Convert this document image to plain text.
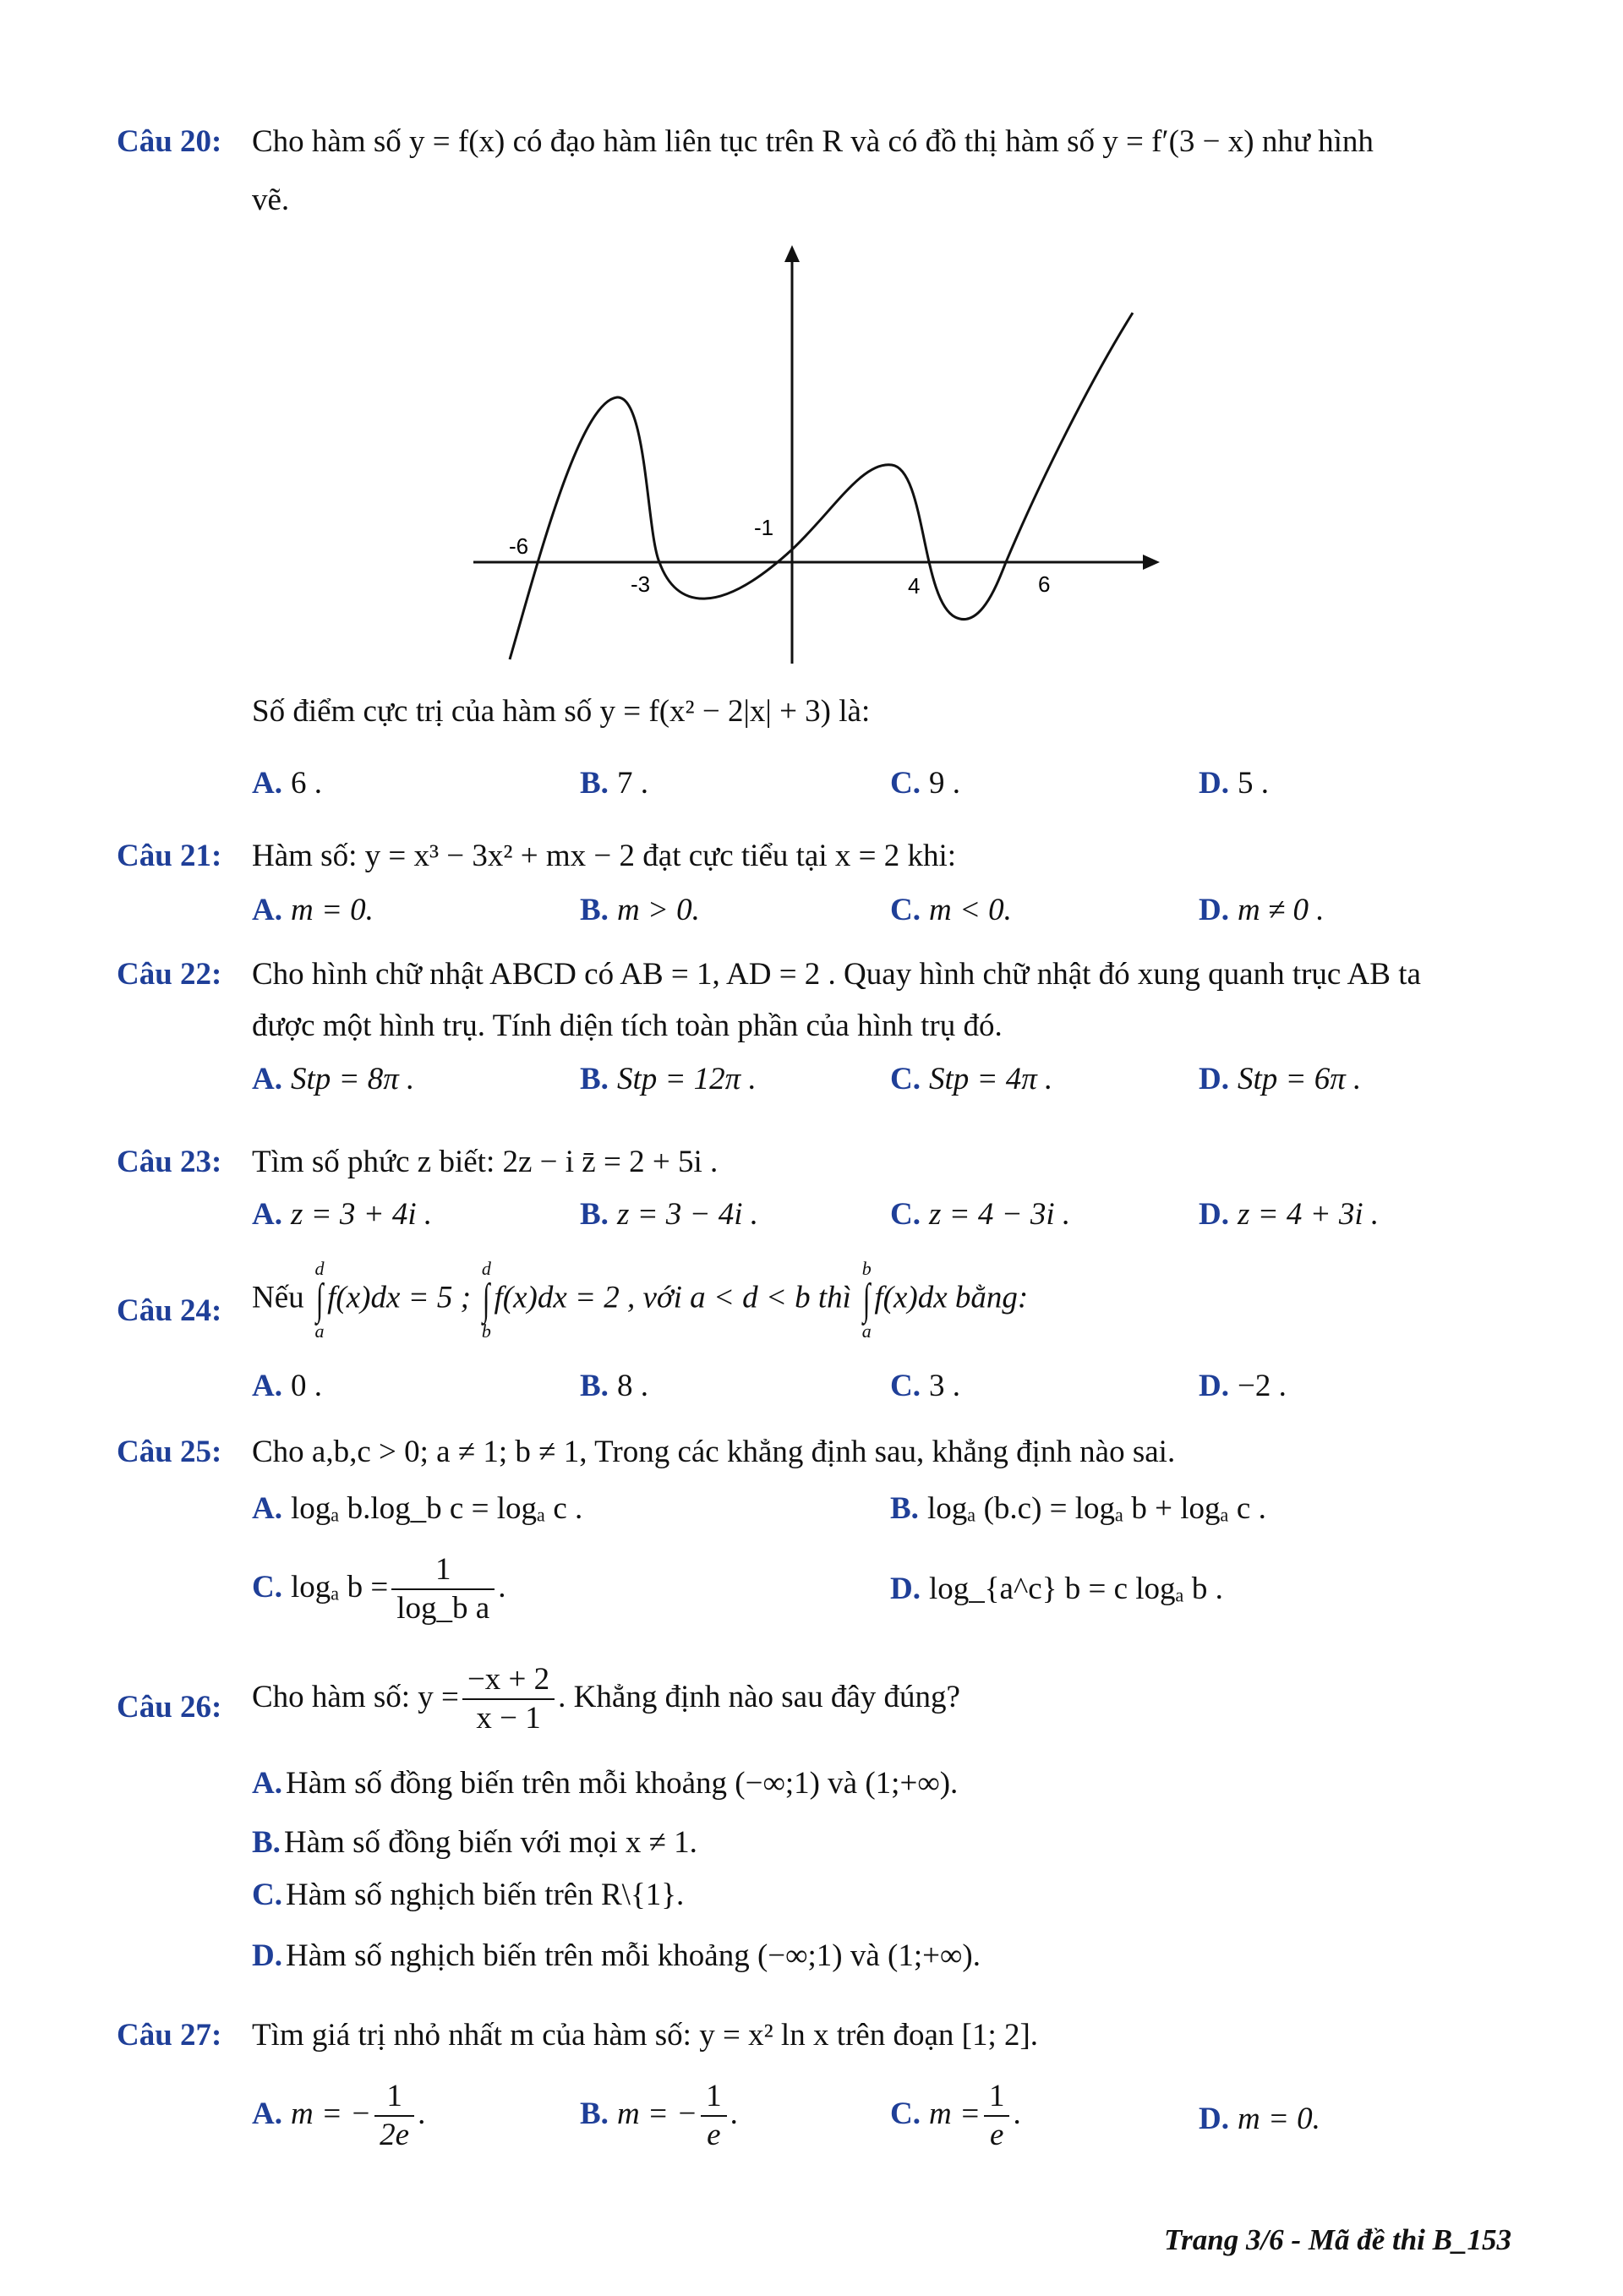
Câu 20: Cho hàm số y = f(x) có đạo hàm liên tục trên R và có đồ thị hàm số y = f′(3 − x) như hình
vẽ.
-6
-3
-1
4	6
Số điểm cực trị của hàm số y = f(x² − 2|x| + 3) là:
A. 6 .	B. 7 .	C. 9 .	D. 5 .
Câu 21: Hàm số: y = x³ − 3x² + mx − 2 đạt cực tiểu tại x = 2 khi:
A. m = 0.	B. m > 0.	C. m < 0.	D. m ≠ 0 .
Câu 22: Cho hình chữ nhật ABCD có AB = 1, AD = 2 . Quay hình chữ nhật đó xung quanh trục AB ta
được một hình trụ. Tính diện tích toàn phần của hình trụ đó.
A. Stp = 8π .	B. Stp = 12π .	C. Stp = 4π .	D. Stp = 6π .
Câu 23: Tìm số phức z biết: 2z − i z̄ = 2 + 5i .
A. z = 3 + 4i .	B. z = 3 − 4i .	C. z = 4 − 3i .	D. z = 4 + 3i .
Câu 24: Nếu
d
∫
a
f(x)dx = 5 ;
d
∫
b
f(x)dx = 2 , với a < d < b thì
b
∫
a
f(x)dx bằng:
A. 0 .	B. 8 .	C. 3 .	D. −2 .
Câu 25: Cho a,b,c > 0; a ≠ 1; b ≠ 1, Trong các khẳng định sau, khẳng định nào sai.
A. logₐ b.log_b c = logₐ c .	B. logₐ (b.c) = logₐ b + logₐ c .
C. logₐ $b = \frac{1}{\text{log\_b a}}$ .	D. log_{a^c} b = c logₐ b .
Câu 26: Cho hàm số: $y = \frac{-x + 2}{x - 1}$ . Khẳng định nào sau đây đúng?
A. Hàm số đồng biến trên mỗi khoảng (−∞;1) và (1;+∞).
B. Hàm số đồng biến với mọi x ≠ 1.
C. Hàm số nghịch biến trên R\{1}.
D. Hàm số nghịch biến trên mỗi khoảng (−∞;1) và (1;+∞).
Câu 27: Tìm giá trị nhỏ nhất m của hàm số: y = x² ln x trên đoạn [1; 2].
A. m = − $\frac{1}{2e}$ .	B. m = − $\frac{1}{e}$ .	C. $m = \frac{1}{e}$ .	D. m = 0.
Trang 3/6 - Mã đề thi B_153
